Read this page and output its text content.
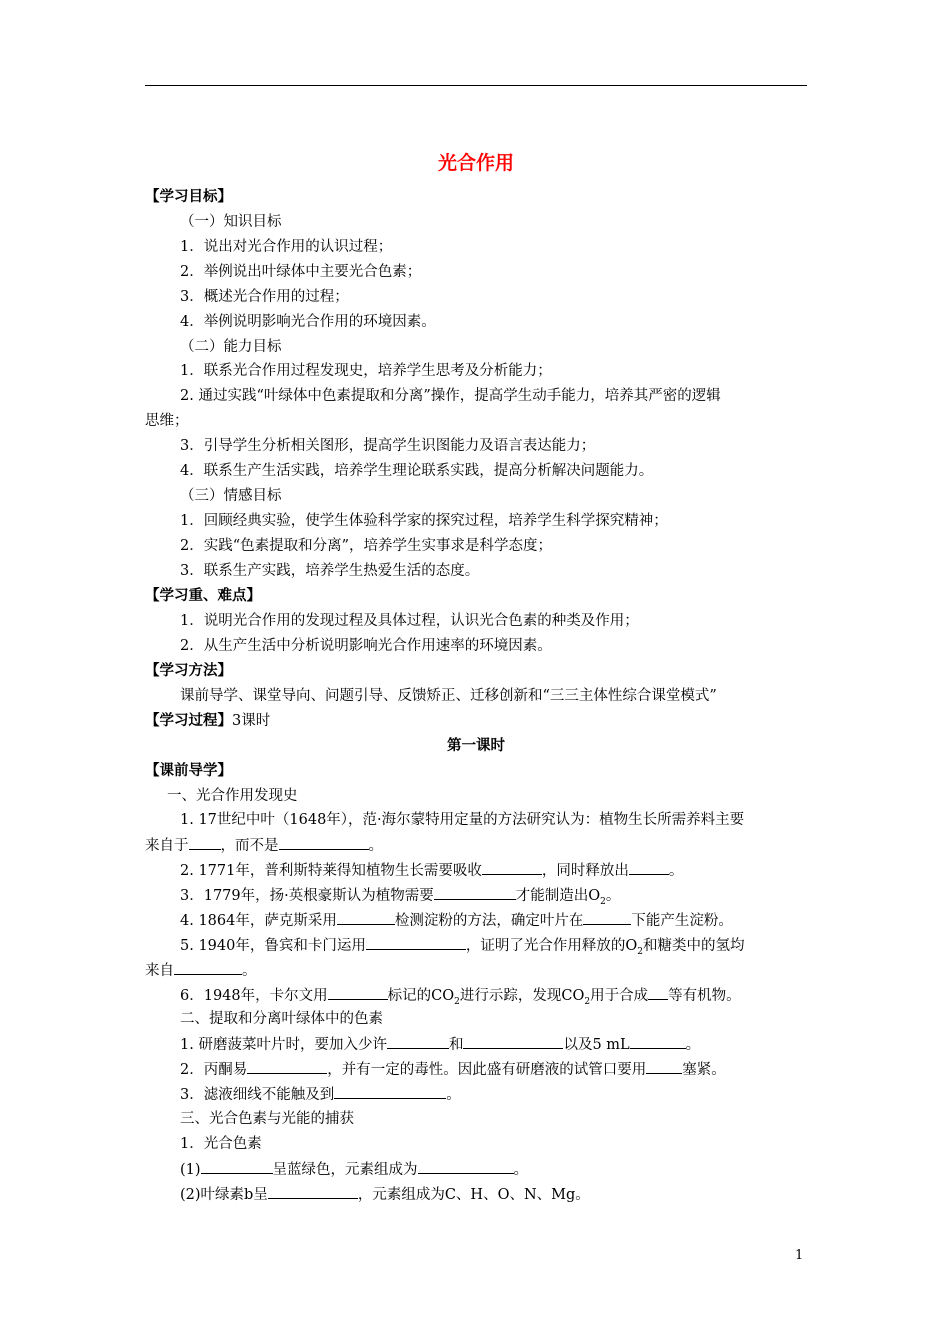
光合作用
【学习目标】
（一）知识目标
1．说出对光合作用的认识过程；
2．举例说出叶绿体中主要光合色素；
3．概述光合作用的过程；
4．举例说明影响光合作用的环境因素。
（二）能力目标
1．联系光合作用过程发现史，培养学生思考及分析能力；
2. 通过实践“叶绿体中色素提取和分离”操作，提高学生动手能力，培养其严密的逻辑
思维；
3．引导学生分析相关图形，提高学生识图能力及语言表达能力；
4．联系生产生活实践，培养学生理论联系实践，提高分析解决问题能力。
（三）情感目标
1．回顾经典实验，使学生体验科学家的探究过程，培养学生科学探究精神；
2．实践“色素提取和分离”，培养学生实事求是科学态度；
3．联系生产实践，培养学生热爱生活的态度。
【学习重、难点】
1．说明光合作用的发现过程及具体过程，认识光合色素的种类及作用；
2．从生产生活中分析说明影响光合作用速率的环境因素。
【学习方法】
课前导学、课堂导向、问题引导、反馈矫正、迁移创新和“三三主体性综合课堂模式”
【学习过程】3课时
第一课时
【课前导学】
一、光合作用发现史
1. 17世纪中叶（1648年），范·海尔蒙特用定量的方法研究认为：植物生长所需养料主要
来自于 ，而不是	。
2. 1771年，普利斯特莱得知植物生长需要吸收	，同时释放出	。
3．1779年，扬·英根豪斯认为植物需要	才能制造出$O_2$。
4. 1864年，萨克斯采用	检测淀粉的方法，确定叶片在	下能产生淀粉。
5. 1940年，鲁宾和卡门运用	，证明了光合作用释放的$O_2$和糖类中的氢均
来自	。
6．1948年，卡尔文用	标记的$CO_2$进行示踪，发现$CO_2$用于合成 等有机物。
二、提取和分离叶绿体中的色素
1. 研磨菠菜叶片时，要加入少许	和	以及5 mL	。
2．丙酮易	，并有一定的毒性。因此盛有研磨液的试管口要用 塞紧。
3．滤液细线不能触及到	。
三、光合色素与光能的捕获
1．光合色素
(1)	呈蓝绿色，元素组成为	。
(2)叶绿素b呈	，元素组成为C、H、O、N、Mg。
1
